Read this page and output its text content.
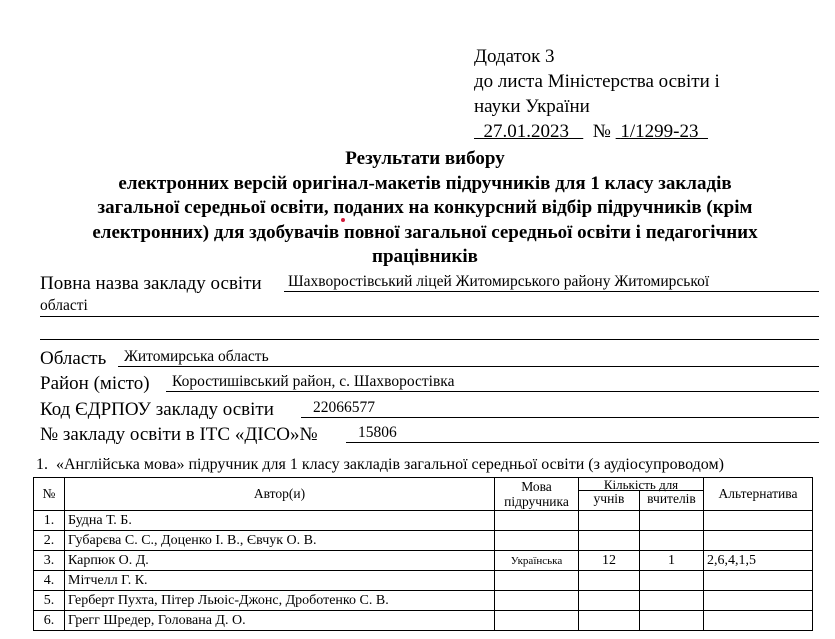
Додаток 3
до листа Міністерства освіти і
науки України
27.01.2023 № 1/1299-23
Результати вибору
електронних версій оригінал-макетів підручників для 1 класу закладів
загальної середньої освіти, поданих на конкурсний відбір підручників (крім
електронних) для здобувачів повної загальної середньої освіти і педагогічних
працівників
Повна назва закладу освіти Шахворостівський ліцей Житомирського району Житомирської
області
Область Житомирська область
Район (місто) Коростишівський район, с. Шахворостівка
Код ЄДРПОУ закладу освіти	22066577
№ закладу освіти в ІТС «ДІСО»№	15806
1. «Англійська мова» підручник для 1 класу закладів загальної середньої освіти (з аудіосупроводом)
№	Автор(и)	Мова підручника	Кількість для		Альтернатива
			учнів	вчителів	
1.	Будна Т. Б.				
2.	Губарєва С. С., Доценко І. В., Євчук О. В.				
3.	Карпюк О. Д.	Українська	12	1	2,6,4,1,5
4.	Мітчелл Г. К.				
5.	Герберт Пухта, Пітер Льюіс-Джонс, Дроботенко С. В.				
6.	Грегг Шредер, Голована Д. О.				
